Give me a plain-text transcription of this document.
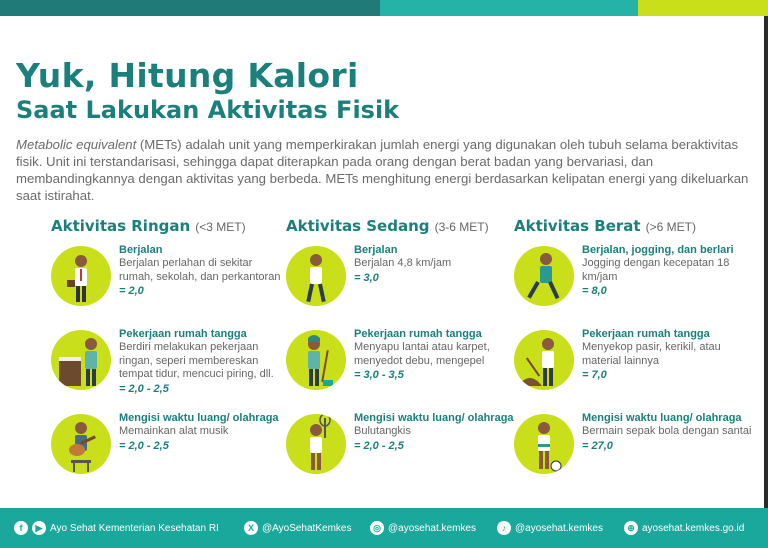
Yuk, Hitung Kalori
Saat Lakukan Aktivitas Fisik

Metabolic equivalent (METs) adalah unit yang memperkirakan jumlah energi yang digunakan oleh tubuh selama beraktivitas fisik. Unit ini terstandarisasi, sehingga dapat diterapkan pada orang dengan berat badan yang bervariasi, dan membandingkannya dengan aktivitas yang berbeda. METs menghitung energi berdasarkan kelipatan energi yang dikeluarkan saat istirahat.

Aktivitas Ringan (<3 MET)
Berjalan
Berjalan perlahan di sekitar rumah, sekolah, dan perkantoran
= 2,0
Pekerjaan rumah tangga
Berdiri melakukan pekerjaan ringan, seperi membereskan tempat tidur, mencuci piring, dll.
= 2,0 - 2,5
Mengisi waktu luang/ olahraga
Memainkan alat musik
= 2,0 - 2,5
Aktivitas Sedang (3-6 MET)
Berjalan
Berjalan 4,8 km/jam
= 3,0
Pekerjaan rumah tangga
Menyapu lantai atau karpet, menyedot debu, mengepel
= 3,0 - 3,5
Mengisi waktu luang/ olahraga
Bulutangkis
= 2,0 - 2,5
Aktivitas Berat (>6 MET)
Berjalan, jogging, dan berlari
Jogging dengan kecepatan 18 km/jam
= 8,0
Pekerjaan rumah tangga
Menyekop pasir, kerikil, atau material lainnya
= 7,0
Mengisi waktu luang/ olahraga
Bermain sepak bola dengan santai
= 27,0
f	▶ Ayo Sehat Kementerian Kesehatan RI	X @AyoSehatKemkes	◎ @ayosehat.kemkes	♪ @ayosehat.kemkes	⊕ ayosehat.kemkes.go.id
